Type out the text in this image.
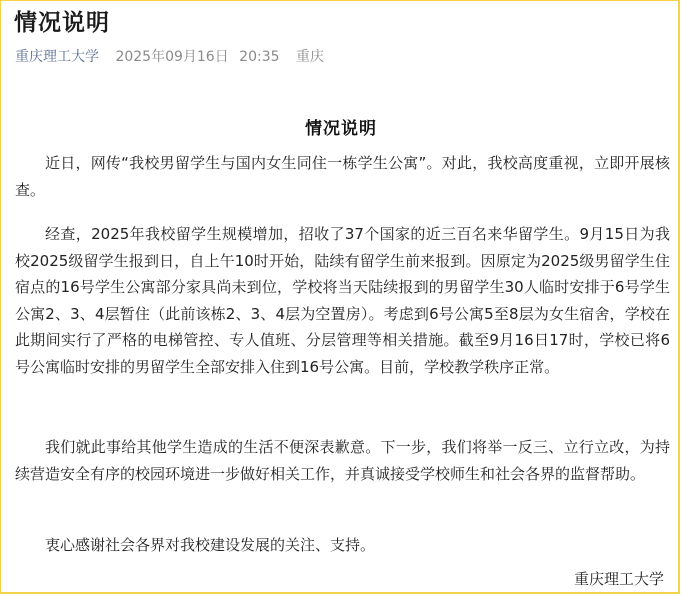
情况说明
重庆理工大学 2025年09月16日 20:35 重庆
情况说明

近日，网传“我校男留学生与国内女生同住一栋学生公寓”。对此，我校高度重视，立即开展核查。

经查，2025年我校留学生规模增加，招收了37个国家的近三百名来华留学生。9月15日为我校2025级留学生报到日，自上午10时开始，陆续有留学生前来报到。因原定为2025级男留学生住宿点的16号学生公寓部分家具尚未到位，学校将当天陆续报到的男留学生30人临时安排于6号学生公寓2、3、4层暂住（此前该栋2、3、4层为空置房）。考虑到6号公寓5至8层为女生宿舍，学校在此期间实行了严格的电梯管控、专人值班、分层管理等相关措施。截至9月16日17时，学校已将6号公寓临时安排的男留学生全部安排入住到16号公寓。目前，学校教学秩序正常。

我们就此事给其他学生造成的生活不便深表歉意。下一步，我们将举一反三、立行立改，为持续营造安全有序的校园环境进一步做好相关工作，并真诚接受学校师生和社会各界的监督帮助。

衷心感谢社会各界对我校建设发展的关注、支持。

重庆理工大学
